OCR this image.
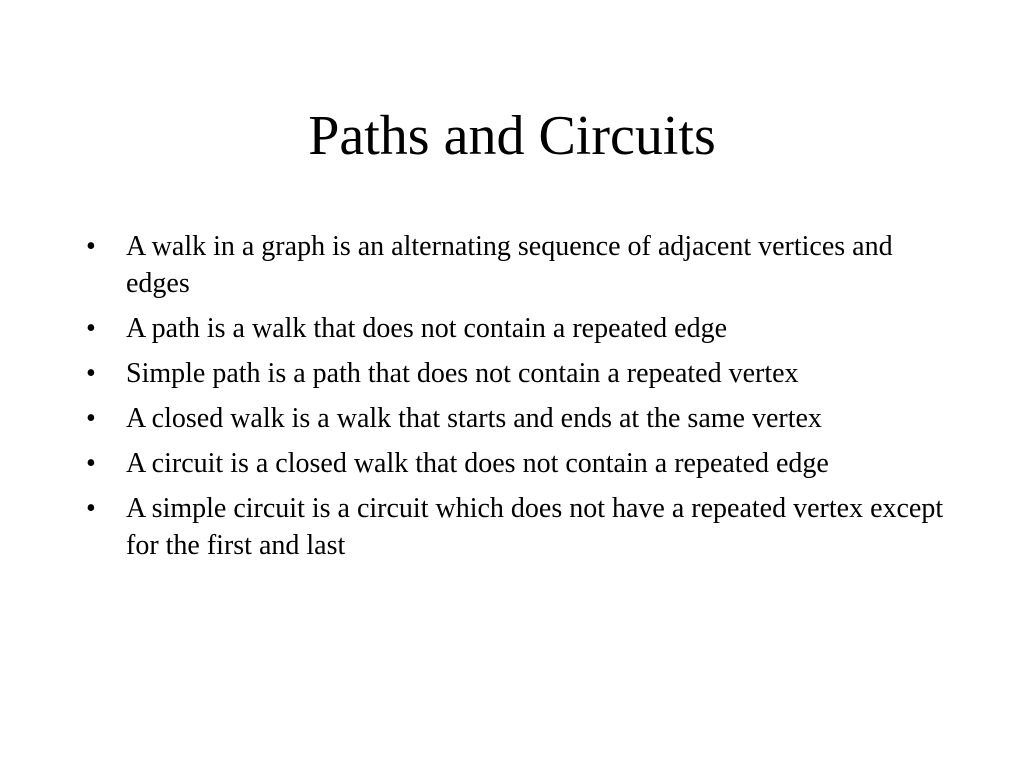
Paths and Circuits
•	A walk in a graph is an alternating sequence of adjacent vertices and edges
•	A path is a walk that does not contain a repeated edge
•	Simple path is a path that does not contain a repeated vertex
•	A closed walk is a walk that starts and ends at the same vertex
•	A circuit is a closed walk that does not contain a repeated edge
•	A simple circuit is a circuit which does not have a repeated vertex except for the first and last
